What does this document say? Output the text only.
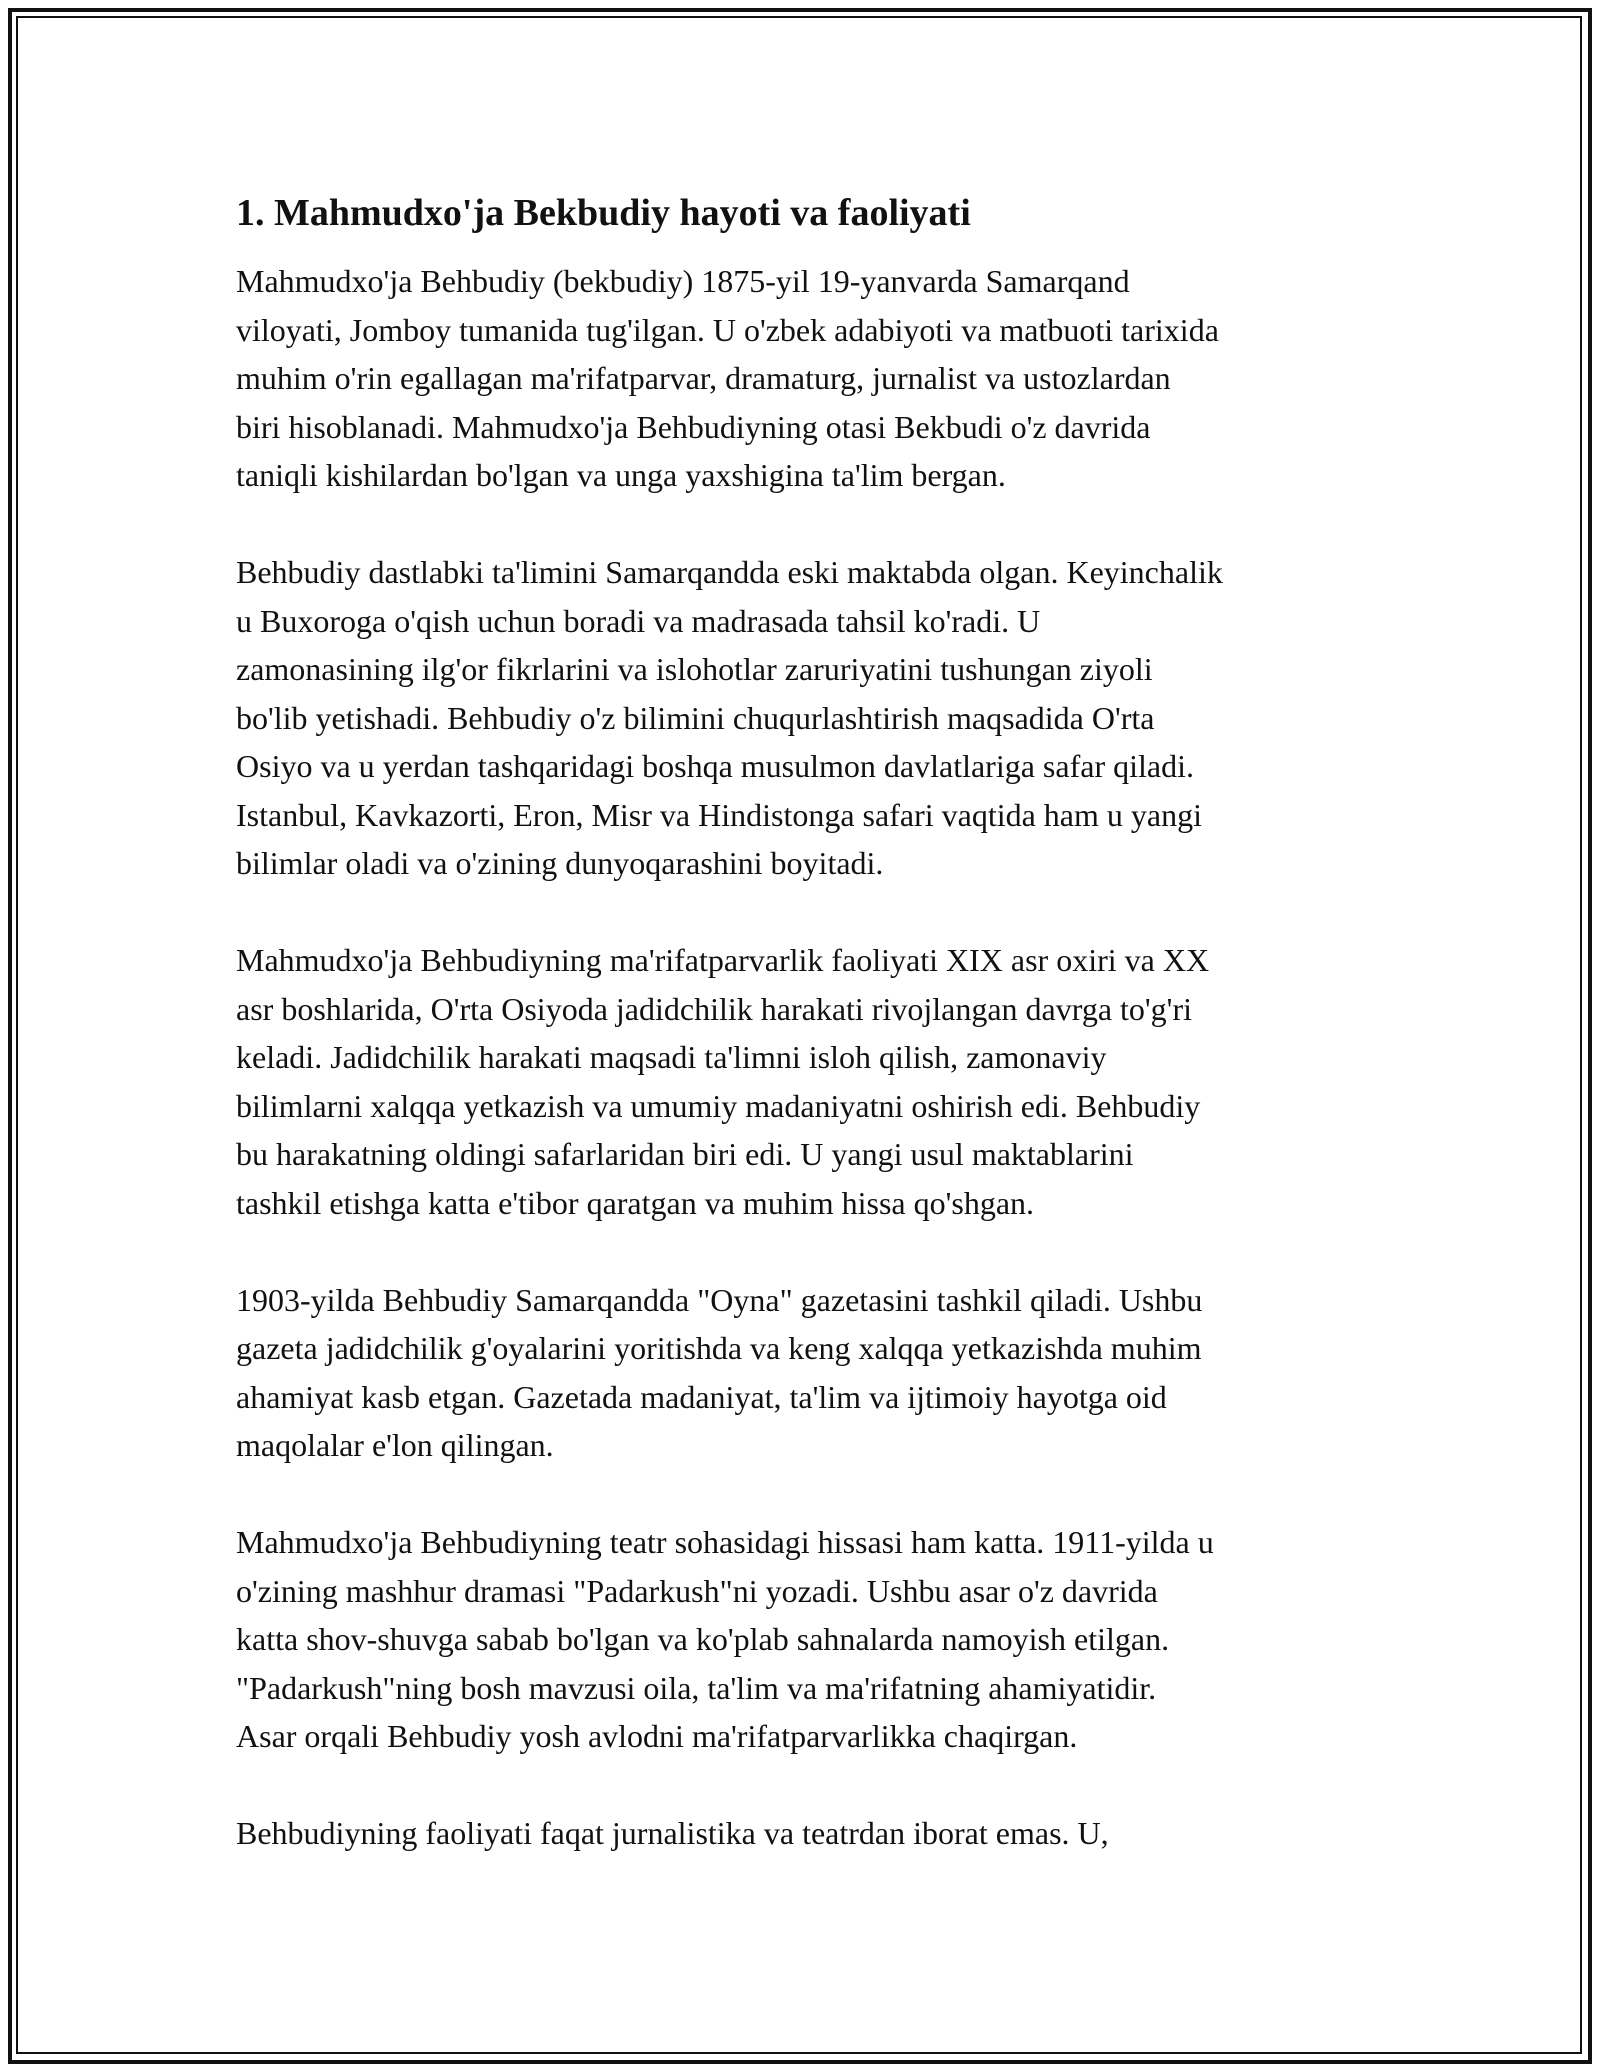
1. Mahmudxo'ja Bekbudiy hayoti va faoliyati

Mahmudxo'ja Behbudiy (bekbudiy) 1875-yil 19-yanvarda Samarqand
viloyati, Jomboy tumanida tug'ilgan. U o'zbek adabiyoti va matbuoti tarixida
muhim o'rin egallagan ma'rifatparvar, dramaturg, jurnalist va ustozlardan
biri hisoblanadi. Mahmudxo'ja Behbudiyning otasi Bekbudi o'z davrida
taniqli kishilardan bo'lgan va unga yaxshigina ta'lim bergan.

Behbudiy dastlabki ta'limini Samarqandda eski maktabda olgan. Keyinchalik
u Buxoroga o'qish uchun boradi va madrasada tahsil ko'radi. U
zamonasining ilg'or fikrlarini va islohotlar zaruriyatini tushungan ziyoli
bo'lib yetishadi. Behbudiy o'z bilimini chuqurlashtirish maqsadida O'rta
Osiyo va u yerdan tashqaridagi boshqa musulmon davlatlariga safar qiladi.
Istanbul, Kavkazorti, Eron, Misr va Hindistonga safari vaqtida ham u yangi
bilimlar oladi va o'zining dunyoqarashini boyitadi.

Mahmudxo'ja Behbudiyning ma'rifatparvarlik faoliyati XIX asr oxiri va XX
asr boshlarida, O'rta Osiyoda jadidchilik harakati rivojlangan davrga to'g'ri
keladi. Jadidchilik harakati maqsadi ta'limni isloh qilish, zamonaviy
bilimlarni xalqqa yetkazish va umumiy madaniyatni oshirish edi. Behbudiy
bu harakatning oldingi safarlaridan biri edi. U yangi usul maktablarini
tashkil etishga katta e'tibor qaratgan va muhim hissa qo'shgan.

1903-yilda Behbudiy Samarqandda "Oyna" gazetasini tashkil qiladi. Ushbu
gazeta jadidchilik g'oyalarini yoritishda va keng xalqqa yetkazishda muhim
ahamiyat kasb etgan. Gazetada madaniyat, ta'lim va ijtimoiy hayotga oid
maqolalar e'lon qilingan.

Mahmudxo'ja Behbudiyning teatr sohasidagi hissasi ham katta. 1911-yilda u
o'zining mashhur dramasi "Padarkush"ni yozadi. Ushbu asar o'z davrida
katta shov-shuvga sabab bo'lgan va ko'plab sahnalarda namoyish etilgan.
"Padarkush"ning bosh mavzusi oila, ta'lim va ma'rifatning ahamiyatidir.
Asar orqali Behbudiy yosh avlodni ma'rifatparvarlikka chaqirgan.

Behbudiyning faoliyati faqat jurnalistika va teatrdan iborat emas. U,
